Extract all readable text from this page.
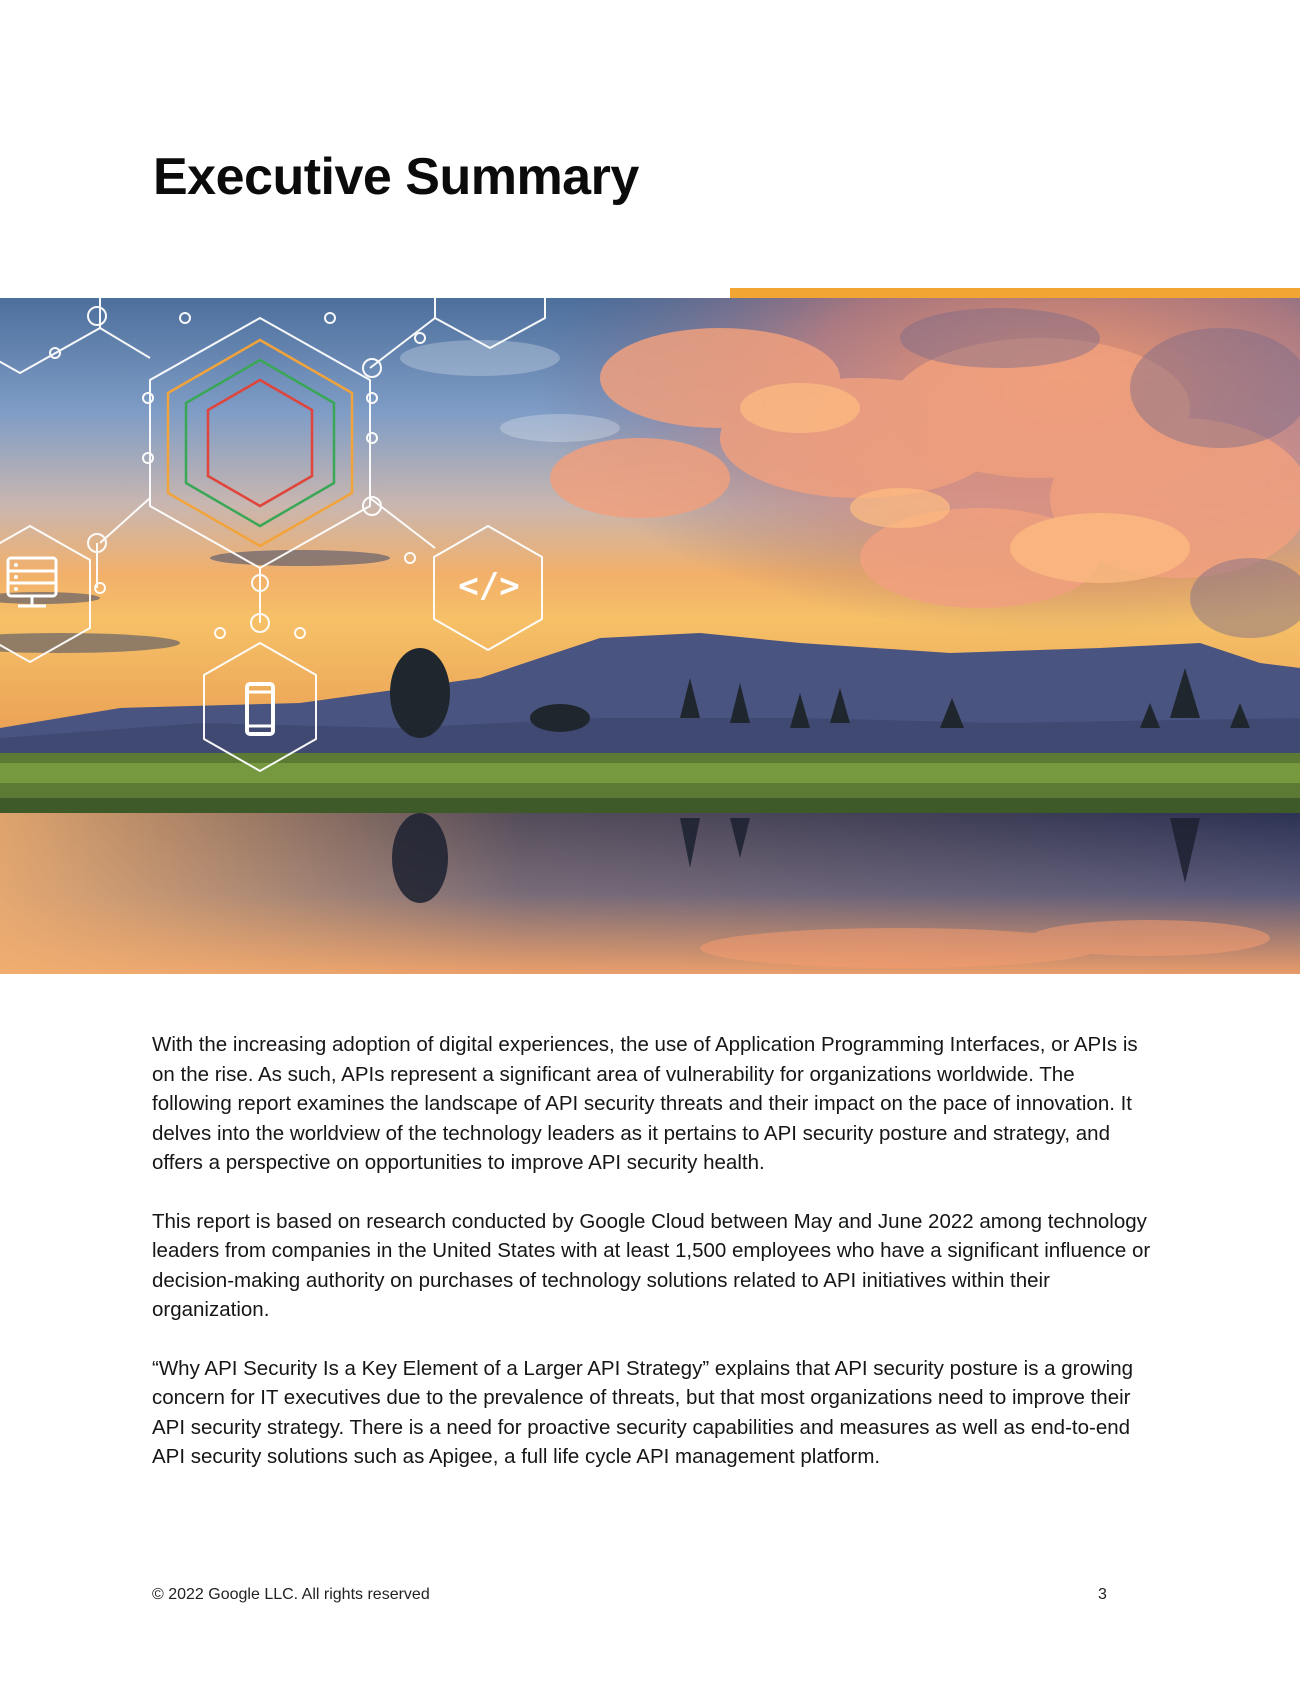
Executive Summary
</>

With the increasing adoption of digital experiences, the use of Application Programming Interfaces, or APIs is on the rise. As such, APIs represent a significant area of vulnerability for organizations worldwide. The following report examines the landscape of API security threats and their impact on the pace of innovation. It delves into the worldview of the technology leaders as it pertains to API security posture and strategy, and offers a perspective on opportunities to improve API security health.

This report is based on research conducted by Google Cloud between May and June 2022 among technology leaders from companies in the United States with at least 1,500 employees who have a significant influence or decision-making authority on purchases of technology solutions related to API initiatives within their organization.

“Why API Security Is a Key Element of a Larger API Strategy” explains that API security posture is a growing concern for IT executives due to the prevalence of threats, but that most organizations need to improve their API security strategy. There is a need for proactive security capabilities and measures as well as end-to-end API security solutions such as Apigee, a full life cycle API management platform.

© 2022 Google LLC. All rights reserved	3
